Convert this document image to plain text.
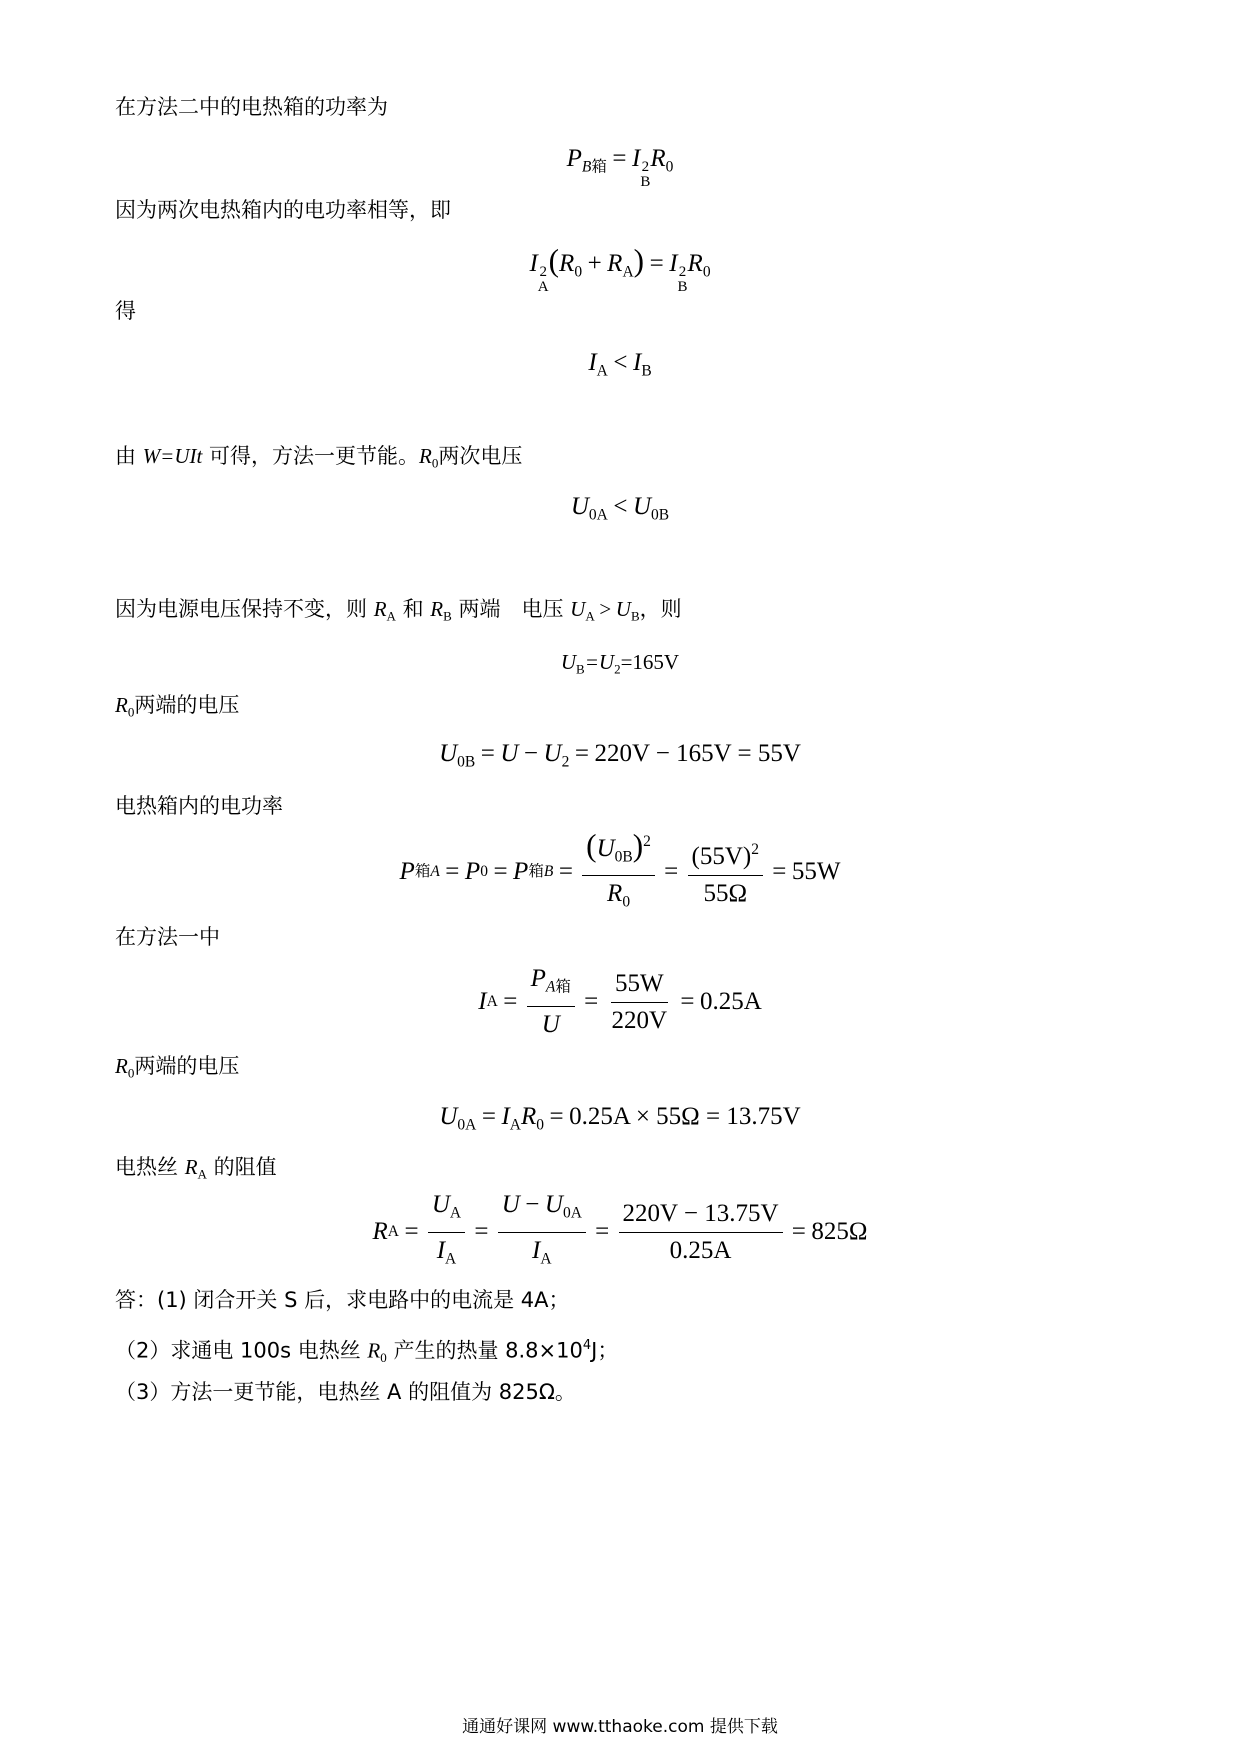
在方法二中的电热箱的功率为
$P_{B箱} = I$ 2
B
$R_0$
因为两次电热箱内的电功率相等，即
I 2
A
$(R_0 + R_A) = I$ 2
B
$R_0$
得
$I_A < I_B$
由 W=UIt 可得，方法一更节能。$R_0$两次电压
$U_{0A} < U_{0B}$
因为电源电压保持不变，则 $R_A$ 和 $R_B$ 两端　电压 $U_A > U_B$，则
$U_B=U_2=165V$
$R_0$两端的电压
$U_{0B} = U - U_2 = 220V - 165V = 55V$
电热箱内的电功率
P 箱A = P 0 = P 箱$B = \frac{(U_{0B})^2}{R_0} = \frac{(55V)^2}{55\Omega} = 55W$
在方法一中
I $A = \frac{P_{A箱}}{U} = \frac{55W}{220V} = 0.25A$
$R_0$两端的电压
$U_{0A} = I_AR_0 = 0.25A \times 55\Omega = 13.75V$
电热丝 $R_A$ 的阻值
R $A = \frac{U_A}{I_A} = \frac{U - U_{0A}}{I_A} = \frac{220V - 13.75V}{0.25A} = 825\Omega$
答：(1) 闭合开关 S 后，求电路中的电流是 4A；
（2）求通电 100s 电热丝 $R_0$ 产生的热量 $8.8\times 10^4J$；
（3）方法一更节能，电热丝 A 的阻值为 825Ω。
通通好课网 www.tthaoke.com 提供下载
